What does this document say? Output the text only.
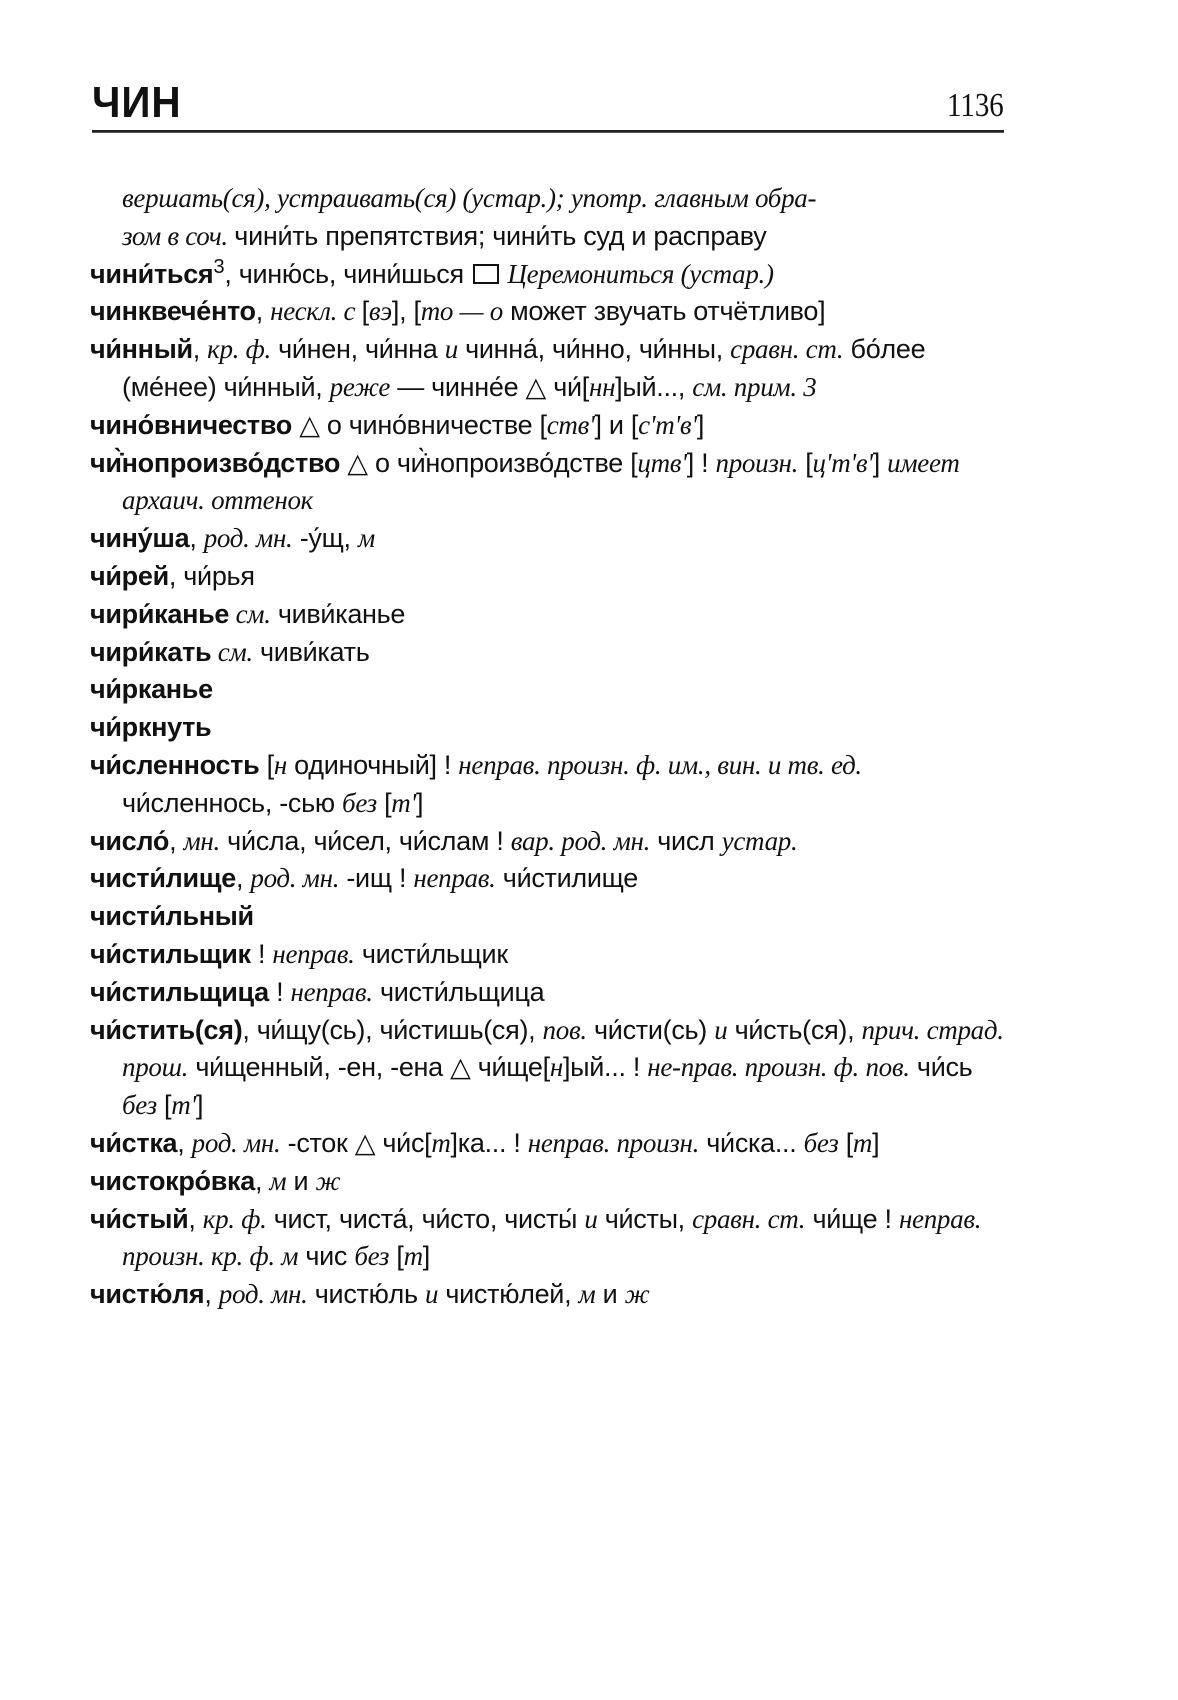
ЧИН	1136
вершать(ся), устраивать(ся) (устар.); употр. главным обра-
зом в соч. чини́ть препятствия; чини́ть суд и расправу
чини́ться$^3$, чиню́сь, чини́шься  Церемониться (устар.)
чинквече́нто, нескл. с [вэ], [то — о может звучать отчётливо]
чи́нный, кр. ф. чи́нен, чи́нна и чинна́, чи́нно, чи́нны, сравн. ст. бо́лее (ме́нее) чи́нный, реже — чинне́е △ чи́[нн]ый..., см. прим. 3
чино́вничество △ о чино́вничестве [ств'] и [с'т'в']
чи̇̀нопроизво́дство △ о чи̇̀нопроизво́дстве [цтв'] ! произн. [ц'т'в'] имеет архаич. оттенок
чину́ша, род. мн. -у́щ, м
чи́рей, чи́рья
чири́канье см. чиви́канье
чири́кать см. чиви́кать
чи́рканье
чи́ркнуть
чи́сленность [н одиночный] ! неправ. произн. ф. им., вин. и тв. ед. чи́сленнось, -сью без [т']
число́, мн. чи́сла, чи́сел, чи́слам ! вар. род. мн. числ устар.
чисти́лище, род. мн. -ищ ! неправ. чи́стилище
чисти́льный
чи́стильщик ! неправ. чисти́льщик
чи́стильщица ! неправ. чисти́льщица
чи́стить(ся), чи́щу(сь), чи́стишь(ся), пов. чи́сти(сь) и чи́сть(ся), прич. страд. прош. чи́щенный, -ен, -ена △ чи́ще[н]ый... ! не-прав. произн. ф. пов. чи́сь без [т']
чи́стка, род. мн. -сток △ чи́с[т]ка... ! неправ. произн. чи́ска... без [т]
чистокро́вка, м и ж
чи́стый, кр. ф. чист, чиста́, чи́сто, чисты́ и чи́сты, сравн. ст. чи́ще ! неправ. произн. кр. ф. м чис без [т]
чистю́ля, род. мн. чистю́ль и чистю́лей, м и ж
